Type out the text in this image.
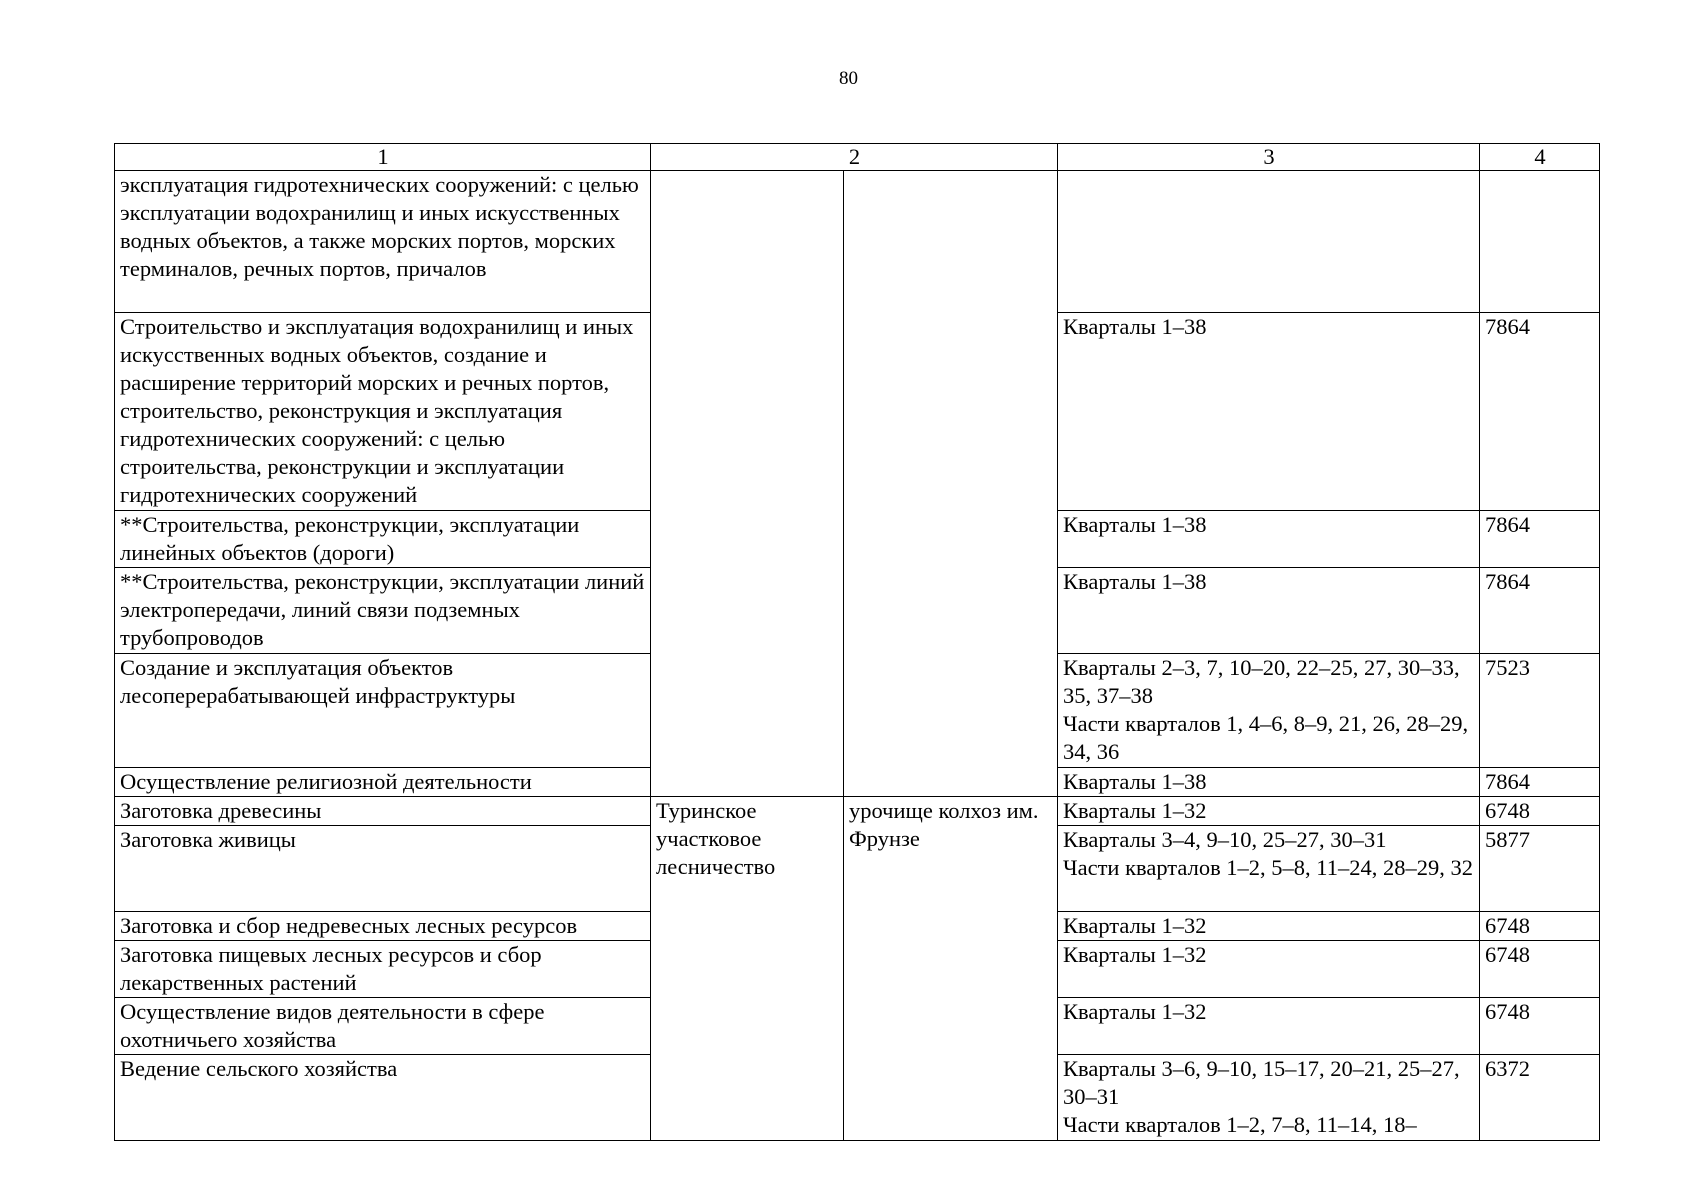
80
1	2		3	4
эксплуатация гидротехнических сооружений: с целью эксплуатации водохранилищ и иных искусственных водных объектов, а также морских портов, морских терминалов, речных портов, причалов				
Строительство и эксплуатация водохранилищ и иных искусственных водных объектов, создание и расширение территорий морских и речных портов, строительство, реконструкция и эксплуатация гидротехнических сооружений: с целью строительства, реконструкции и эксплуатации гидротехнических сооружений			Кварталы 1–38	7864
**Строительства, реконструкции, эксплуатации линейных объектов (дороги)			Кварталы 1–38	7864
**Строительства, реконструкции, эксплуатации линий электропередачи, линий связи подземных трубопроводов			Кварталы 1–38	7864
Создание и эксплуатация объектов лесоперерабатывающей инфраструктуры			Кварталы 2–3, 7, 10–20, 22–25, 27, 30–33, 35, 37–38
Части кварталов 1, 4–6, 8–9, 21, 26, 28–29, 34, 36	7523
Осуществление религиозной деятельности			Кварталы 1–38	7864
Заготовка древесины	Туринское участковое лесничество	урочище колхоз им. Фрунзе	Кварталы 1–32	6748
Заготовка живицы			Кварталы 3–4, 9–10, 25–27, 30–31
Части кварталов 1–2, 5–8, 11–24, 28–29, 32	5877
Заготовка и сбор недревесных лесных ресурсов			Кварталы 1–32	6748
Заготовка пищевых лесных ресурсов и сбор лекарственных растений			Кварталы 1–32	6748
Осуществление видов деятельности в сфере охотничьего хозяйства			Кварталы 1–32	6748
Ведение сельского хозяйства			Кварталы 3–6, 9–10, 15–17, 20–21, 25–27, 30–31
Части кварталов 1–2, 7–8, 11–14, 18–	6372
